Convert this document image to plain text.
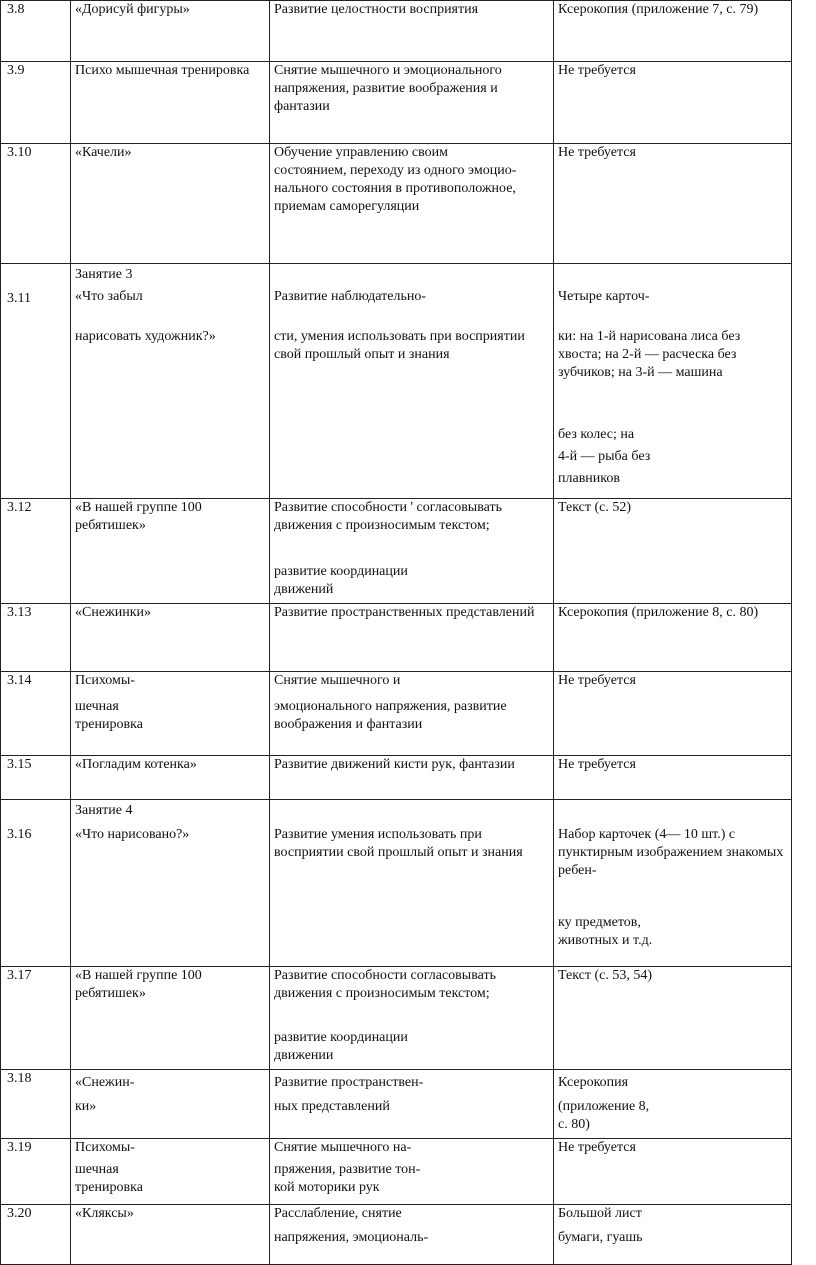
3.8	«Дорисуй фигуры»	Развитие целостности восприятия	Ксерокопия (приложение 7, с. 79)
3.9	Психо мышечная тренировка	Снятие мышечного и эмоционального напряжения, развитие воображения и фантазии	Не требуется
3.10	«Качели»	Обучение управлению своим
состоянием, переходу из одного эмоцио-
нального состояния в противоположное,
приемам саморегуляции	Не требуется
3.11	Занятие 3
«Что забыл
нарисовать художник?»	Развитие наблюдательно-
сти, умения использовать при восприятии свой прошлый опыт и знания	Четыре карточ-
ки: на 1-й нарисована лиса без хвоста; на 2-й — расческа без зубчиков; на 3-й — машина
без колес; на
4-й — рыба без
плавников

3.12	«В нашей группе 100 ребятишек»	Развитие способности ' согласовывать движения с произносимым текстом;
развитие координации
движений	Текст (с. 52)
3.13	«Снежинки»	Развитие пространственных представлений	Ксерокопия (приложение 8, с. 80)
3.14	Психомы-
шечная тренировка	Снятие мышечного и
эмоционального напряжения, развитие воображения и фантазии	Не требуется
3.15	«Погладим котенка»	Развитие движений кисти рук, фантазии	Не требуется
3.16	Занятие 4
«Что нарисовано?»	Развитие умения использовать при восприятии свой прошлый опыт и знания	Набор карточек (4— 10 шт.) с пунктирным изображением знакомых ребен-
ку предметов,
животных и т.д.

3.17	«В нашей группе 100 ребятишек»	Развитие способности согласовывать движения с произносимым текстом;
развитие координации
движении	Текст (с. 53, 54)
3.18	«Снежин-
ки»	Развитие пространствен-
ных представлений	Ксерокопия
(приложение 8,
с. 80)

3.19	Психомы-
шечная тренировка	Снятие мышечного на-
пряжения, развитие тон-
кой моторики рук	Не требуется
3.20	«Кляксы»	Расслабление, снятие
напряжения, эмоциональ-	Большой лист
бумаги, гуашь
